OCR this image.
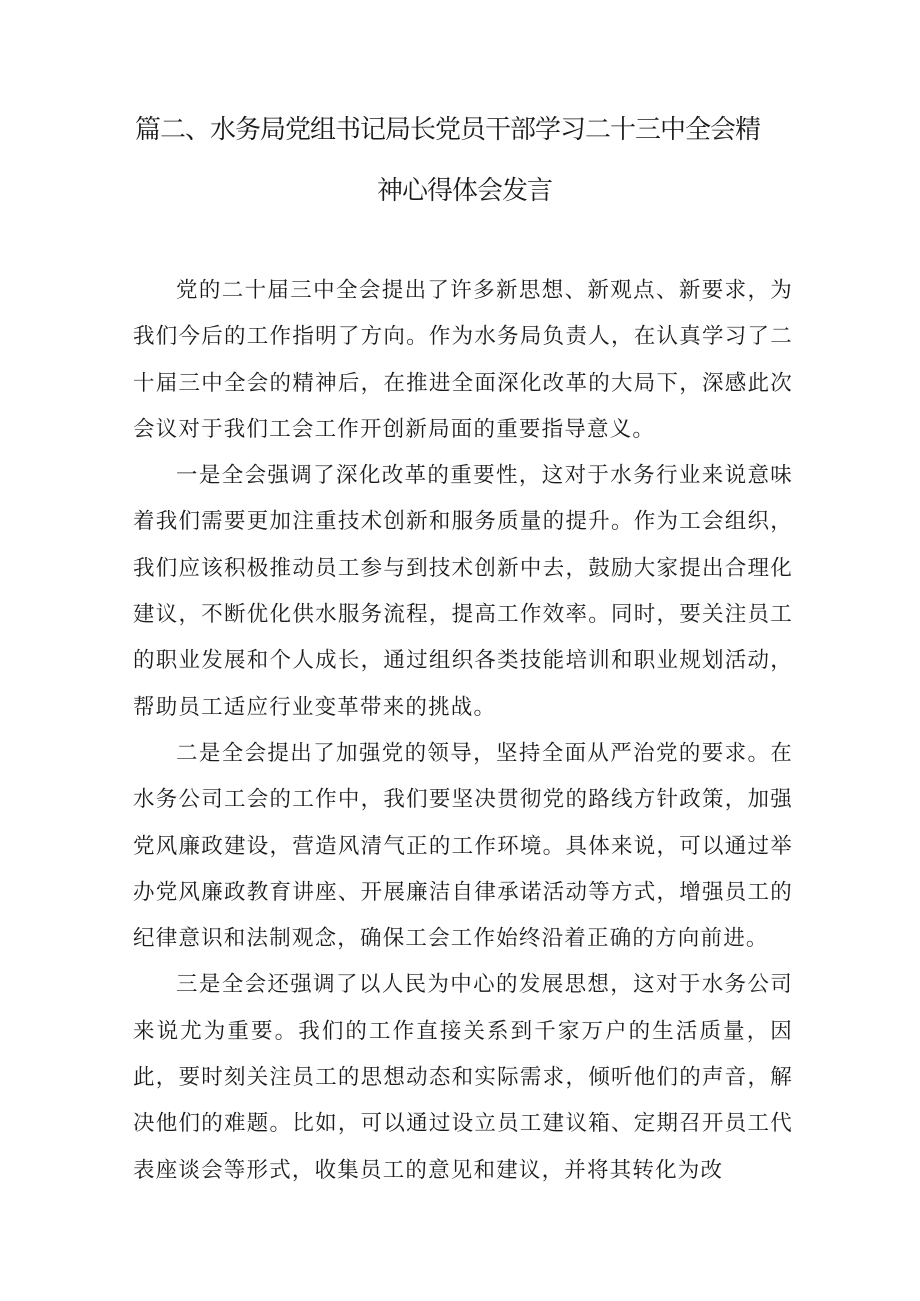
篇二、水务局党组书记局长党员干部学习二十三中全会精
神心得体会发言

党的二十届三中全会提出了许多新思想、新观点、新要求，为我们今后的工作指明了方向。作为水务局负责人，在认真学习了二十届三中全会的精神后，在推进全面深化改革的大局下，深感此次会议对于我们工会工作开创新局面的重要指导意义。

一是全会强调了深化改革的重要性，这对于水务行业来说意味着我们需要更加注重技术创新和服务质量的提升。作为工会组织，我们应该积极推动员工参与到技术创新中去，鼓励大家提出合理化建议，不断优化供水服务流程，提高工作效率。同时，要关注员工的职业发展和个人成长，通过组织各类技能培训和职业规划活动，帮助员工适应行业变革带来的挑战。

二是全会提出了加强党的领导，坚持全面从严治党的要求。在水务公司工会的工作中，我们要坚决贯彻党的路线方针政策，加强党风廉政建设，营造风清气正的工作环境。具体来说，可以通过举办党风廉政教育讲座、开展廉洁自律承诺活动等方式，增强员工的纪律意识和法制观念，确保工会工作始终沿着正确的方向前进。

三是全会还强调了以人民为中心的发展思想，这对于水务公司来说尤为重要。我们的工作直接关系到千家万户的生活质量，因此，要时刻关注员工的思想动态和实际需求，倾听他们的声音，解决他们的难题。比如，可以通过设立员工建议箱、定期召开员工代表座谈会等形式，收集员工的意见和建议，并将其转化为改
